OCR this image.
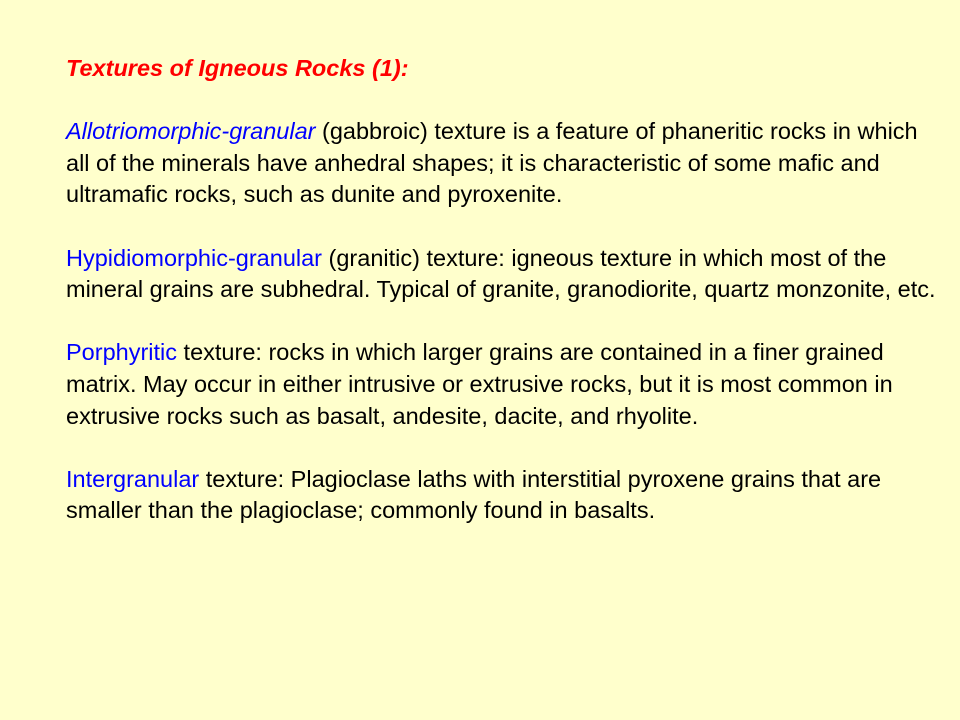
Textures of Igneous Rocks (1):

Allotriomorphic-granular (gabbroic) texture is a feature of phaneritic rocks in which all of the minerals have anhedral shapes; it is characteristic of some mafic and ultramafic rocks, such as dunite and pyroxenite.

Hypidiomorphic-granular (granitic) texture: igneous texture in which most of the mineral grains are subhedral. Typical of granite, granodiorite, quartz monzonite, etc.

Porphyritic texture: rocks in which larger grains are contained in a finer grained matrix. May occur in either intrusive or extrusive rocks, but it is most common in extrusive rocks such as basalt, andesite, dacite, and rhyolite.

Intergranular texture: Plagioclase laths with interstitial pyroxene grains that are smaller than the plagioclase; commonly found in basalts.
